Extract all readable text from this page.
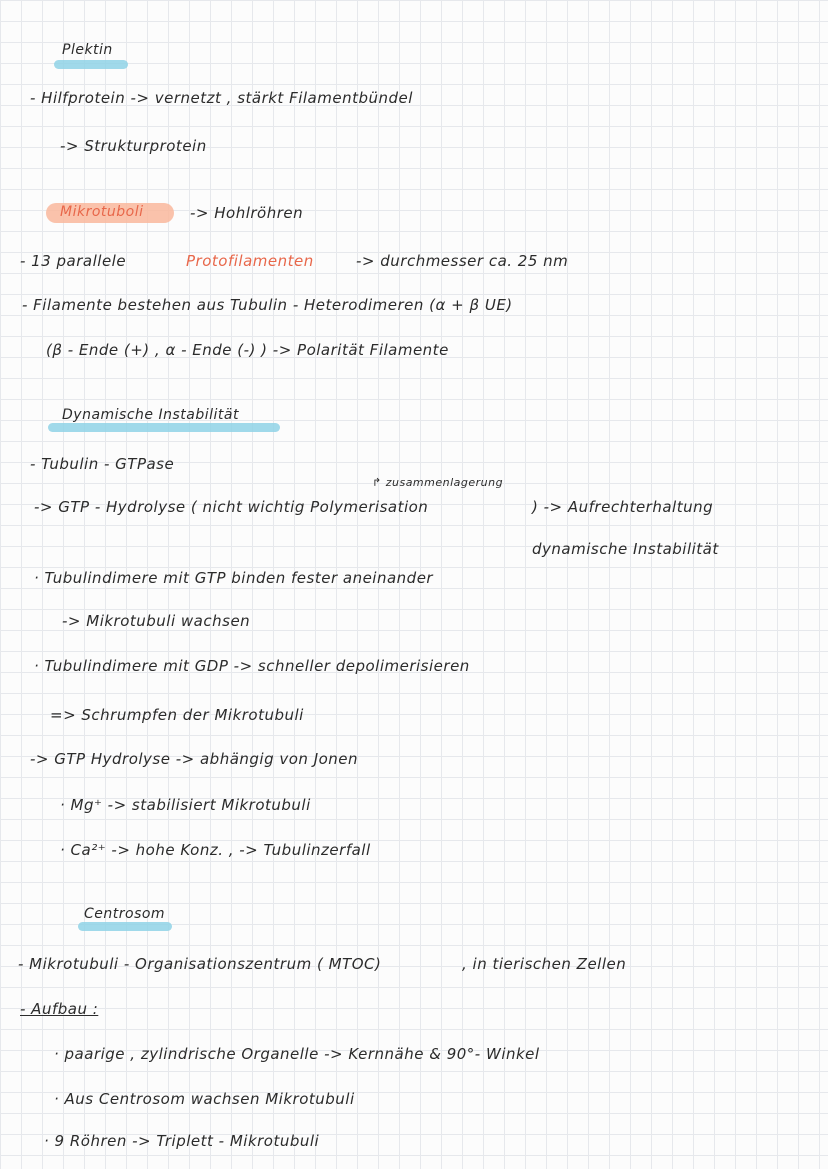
Plektin
- Hilfprotein -> vernetzt , stärkt Filamentbündel
-> Strukturprotein
Mikrotuboli	-> Hohlröhren
- 13 parallele	Protofilamenten	-> durchmesser ca. 25 nm
- Filamente bestehen aus Tubulin - Heterodimeren (α + β UE)
(β - Ende (+) , α - Ende (-) ) -> Polarität Filamente
Dynamische Instabilität
- Tubulin - GTPase
↱ zusammenlagerung
-> GTP - Hydrolyse ( nicht wichtig Polymerisation	) -> Aufrechterhaltung
dynamische Instabilität
· Tubulindimere mit GTP binden fester aneinander
-> Mikrotubuli wachsen
· Tubulindimere mit GDP -> schneller depolimerisieren
=> Schrumpfen der Mikrotubuli
-> GTP Hydrolyse -> abhängig von Jonen
· Mg⁺ -> stabilisiert Mikrotubuli
· Ca²⁺ -> hohe Konz. , -> Tubulinzerfall
Centrosom
- Mikrotubuli - Organisationszentrum ( MTOC)	, in tierischen Zellen
- Aufbau :
· paarige , zylindrische Organelle -> Kernnähe & 90°- Winkel
· Aus Centrosom wachsen Mikrotubuli
· 9 Röhren -> Triplett - Mikrotubuli
